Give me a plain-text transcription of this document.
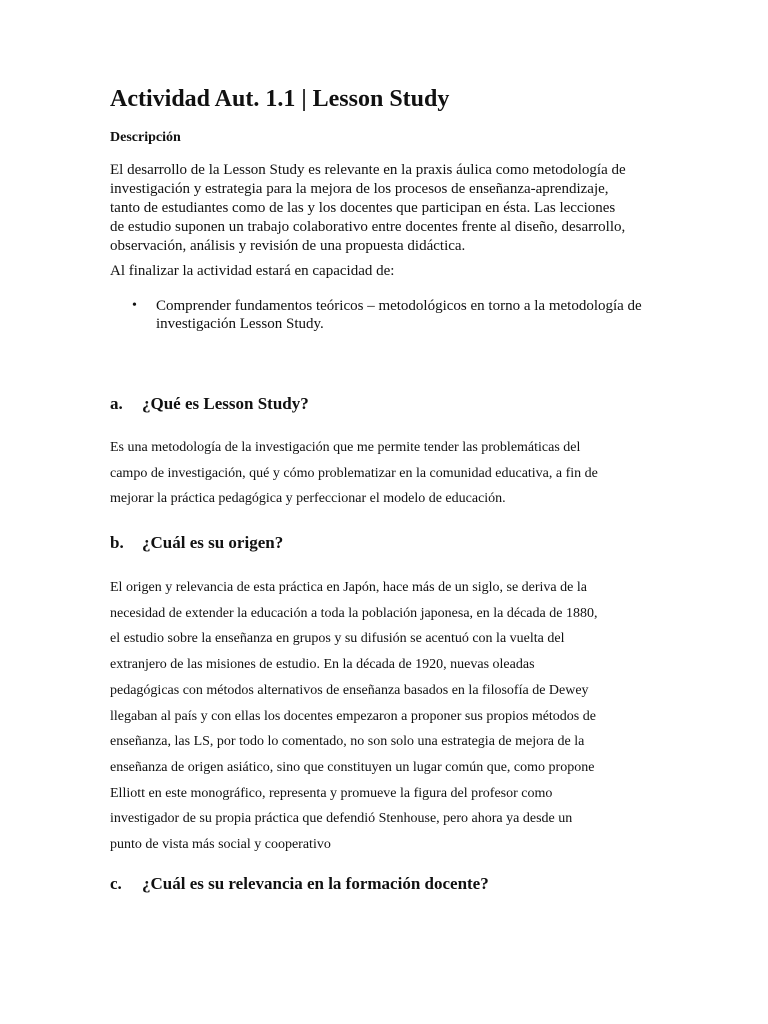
Actividad Aut. 1.1 | Lesson Study
Descripción

El desarrollo de la Lesson Study es relevante en la praxis áulica como metodología de
investigación y estrategia para la mejora de los procesos de enseñanza-aprendizaje,
tanto de estudiantes como de las y los docentes que participan en ésta. Las lecciones
de estudio suponen un trabajo colaborativo entre docentes frente al diseño, desarrollo,
observación, análisis y revisión de una propuesta didáctica.

Al finalizar la actividad estará en capacidad de:

• Comprender fundamentos teóricos – metodológicos en torno a la metodología de
investigación Lesson Study.
a. ¿Qué es Lesson Study?

Es una metodología de la investigación que me permite tender las problemáticas del
campo de investigación, qué y cómo problematizar en la comunidad educativa, a fin de
mejorar la práctica pedagógica y perfeccionar el modelo de educación.

b. ¿Cuál es su origen?

El origen y relevancia de esta práctica en Japón, hace más de un siglo, se deriva de la
necesidad de extender la educación a toda la población japonesa, en la década de 1880,
el estudio sobre la enseñanza en grupos y su difusión se acentuó con la vuelta del
extranjero de las misiones de estudio. En la década de 1920, nuevas oleadas
pedagógicas con métodos alternativos de enseñanza basados en la filosofía de Dewey
llegaban al país y con ellas los docentes empezaron a proponer sus propios métodos de
enseñanza, las LS, por todo lo comentado, no son solo una estrategia de mejora de la
enseñanza de origen asiático, sino que constituyen un lugar común que, como propone
Elliott en este monográfico, representa y promueve la figura del profesor como
investigador de su propia práctica que defendió Stenhouse, pero ahora ya desde un
punto de vista más social y cooperativo

c. ¿Cuál es su relevancia en la formación docente?
